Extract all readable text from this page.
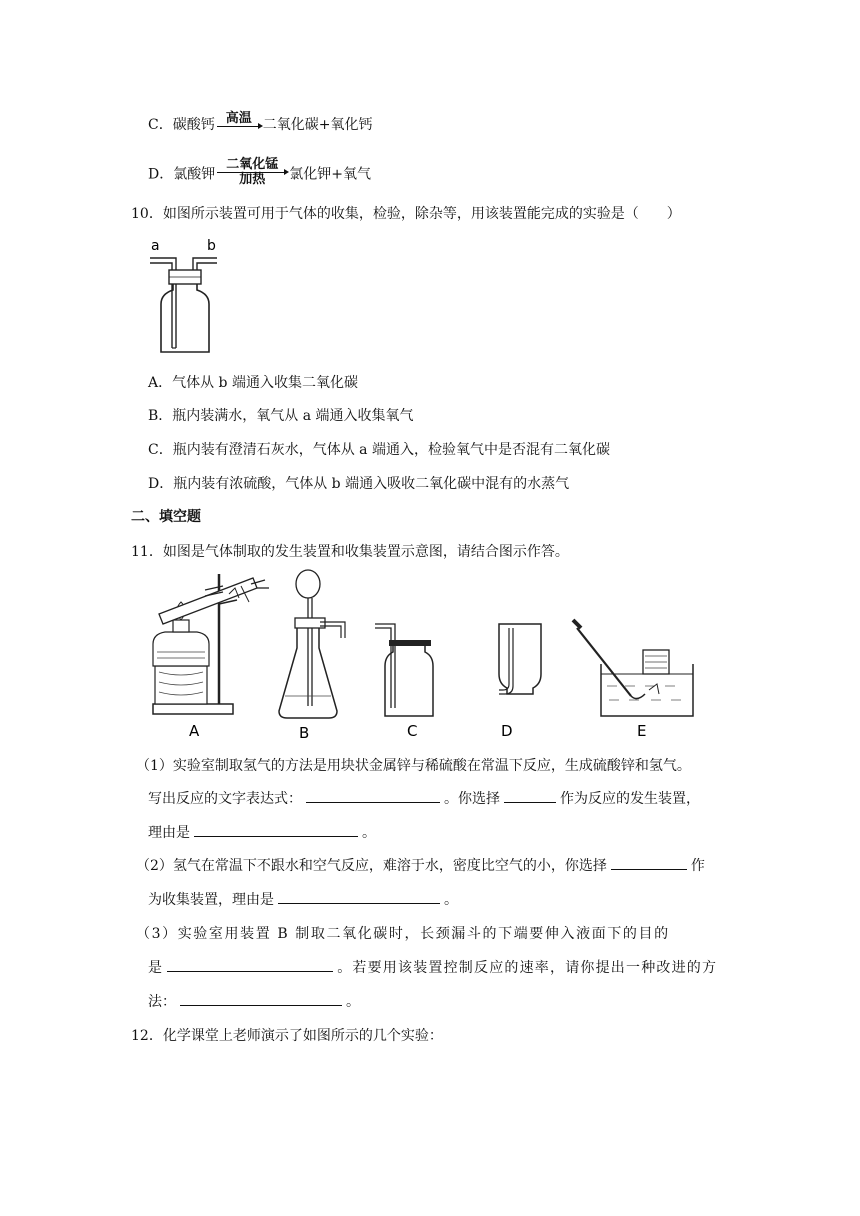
C．碳酸钙 高温 二氧化碳+氧化钙
D．氯酸钾
二氧化锰
加热	氯化钾+氧气
10．如图所示装置可用于气体的收集，检验，除杂等，用该装置能完成的实验是（　　）
a	b
A．气体从 b 端通入收集二氧化碳
B．瓶内装满水，氧气从 a 端通入收集氧气
C．瓶内装有澄清石灰水，气体从 a 端通入，检验氧气中是否混有二氧化碳
D．瓶内装有浓硫酸，气体从 b 端通入吸收二氧化碳中混有的水蒸气
二、填空题
11．如图是气体制取的发生装置和收集装置示意图，请结合图示作答。
A	B	C	D	E
（1）实验室制取氢气的方法是用块状金属锌与稀硫酸在常温下反应，生成硫酸锌和氢气。
写出反应的文字表达式：	。你选择	作为反应的发生装置，
理由是	。
（2）氢气在常温下不跟水和空气反应，难溶于水，密度比空气的小，你选择	作
为收集装置，理由是	。
（3）实验室用装置 B 制取二氧化碳时，长颈漏斗的下端要伸入液面下的目的
是	。若要用该装置控制反应的速率，请你提出一种改进的方
法：	。
12．化学课堂上老师演示了如图所示的几个实验：
